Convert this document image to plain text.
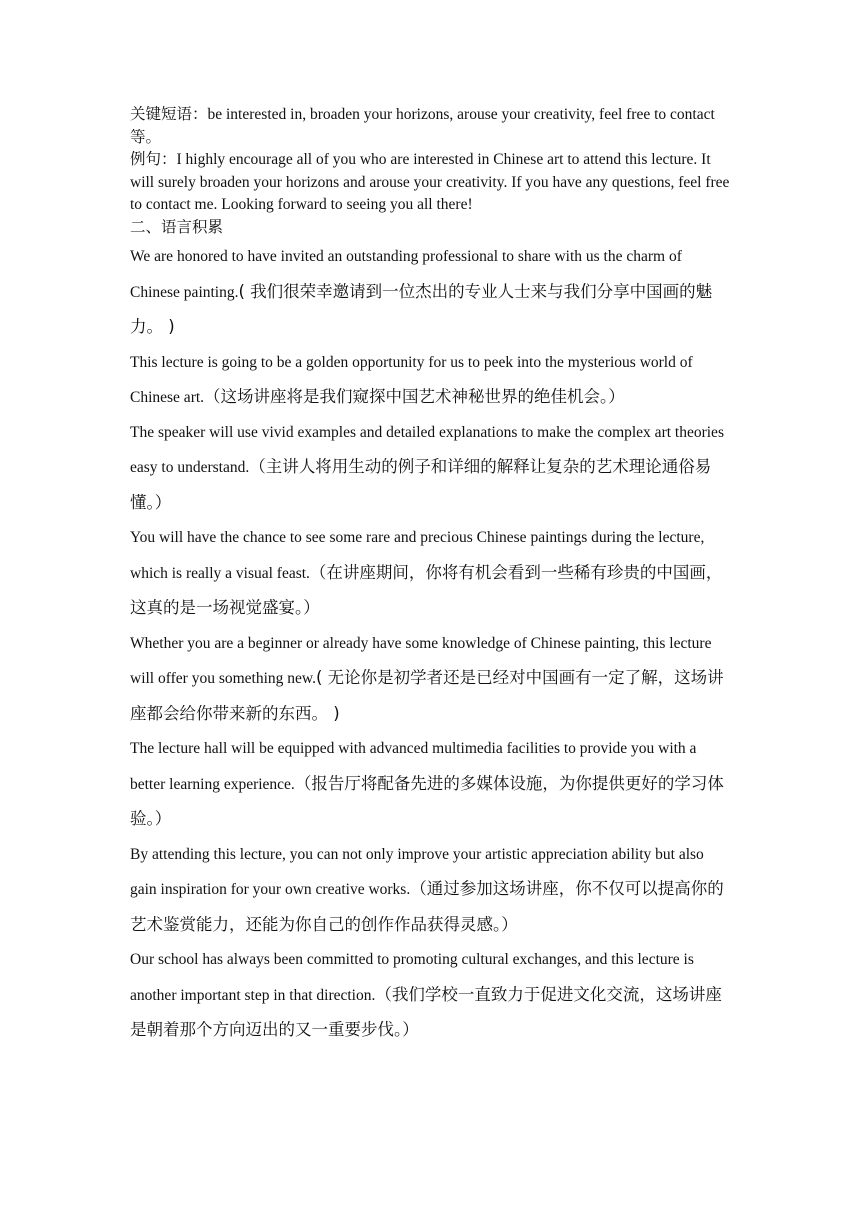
关键短语：be interested in, broaden your horizons, arouse your creativity, feel free to contact 等。

例句：I highly encourage all of you who are interested in Chinese art to attend this lecture. It will surely broaden your horizons and arouse your creativity. If you have any questions, feel free to contact me. Looking forward to seeing you all there!

二、语言积累

We are honored to have invited an outstanding professional to share with us the charm of Chinese painting.( 我们很荣幸邀请到一位杰出的专业人士来与我们分享中国画的魅力。 )

This lecture is going to be a golden opportunity for us to peek into the mysterious world of Chinese art.（这场讲座将是我们窥探中国艺术神秘世界的绝佳机会。）

The speaker will use vivid examples and detailed explanations to make the complex art theories easy to understand.（主讲人将用生动的例子和详细的解释让复杂的艺术理论通俗易懂。）

You will have the chance to see some rare and precious Chinese paintings during the lecture, which is really a visual feast.（在讲座期间，你将有机会看到一些稀有珍贵的中国画，这真的是一场视觉盛宴。）

Whether you are a beginner or already have some knowledge of Chinese painting, this lecture will offer you something new.( 无论你是初学者还是已经对中国画有一定了解，这场讲座都会给你带来新的东西。 )

The lecture hall will be equipped with advanced multimedia facilities to provide you with a better learning experience.（报告厅将配备先进的多媒体设施，为你提供更好的学习体验。）

By attending this lecture, you can not only improve your artistic appreciation ability but also gain inspiration for your own creative works.（通过参加这场讲座，你不仅可以提高你的艺术鉴赏能力，还能为你自己的创作作品获得灵感。）

Our school has always been committed to promoting cultural exchanges, and this lecture is another important step in that direction.（我们学校一直致力于促进文化交流，这场讲座是朝着那个方向迈出的又一重要步伐。）
